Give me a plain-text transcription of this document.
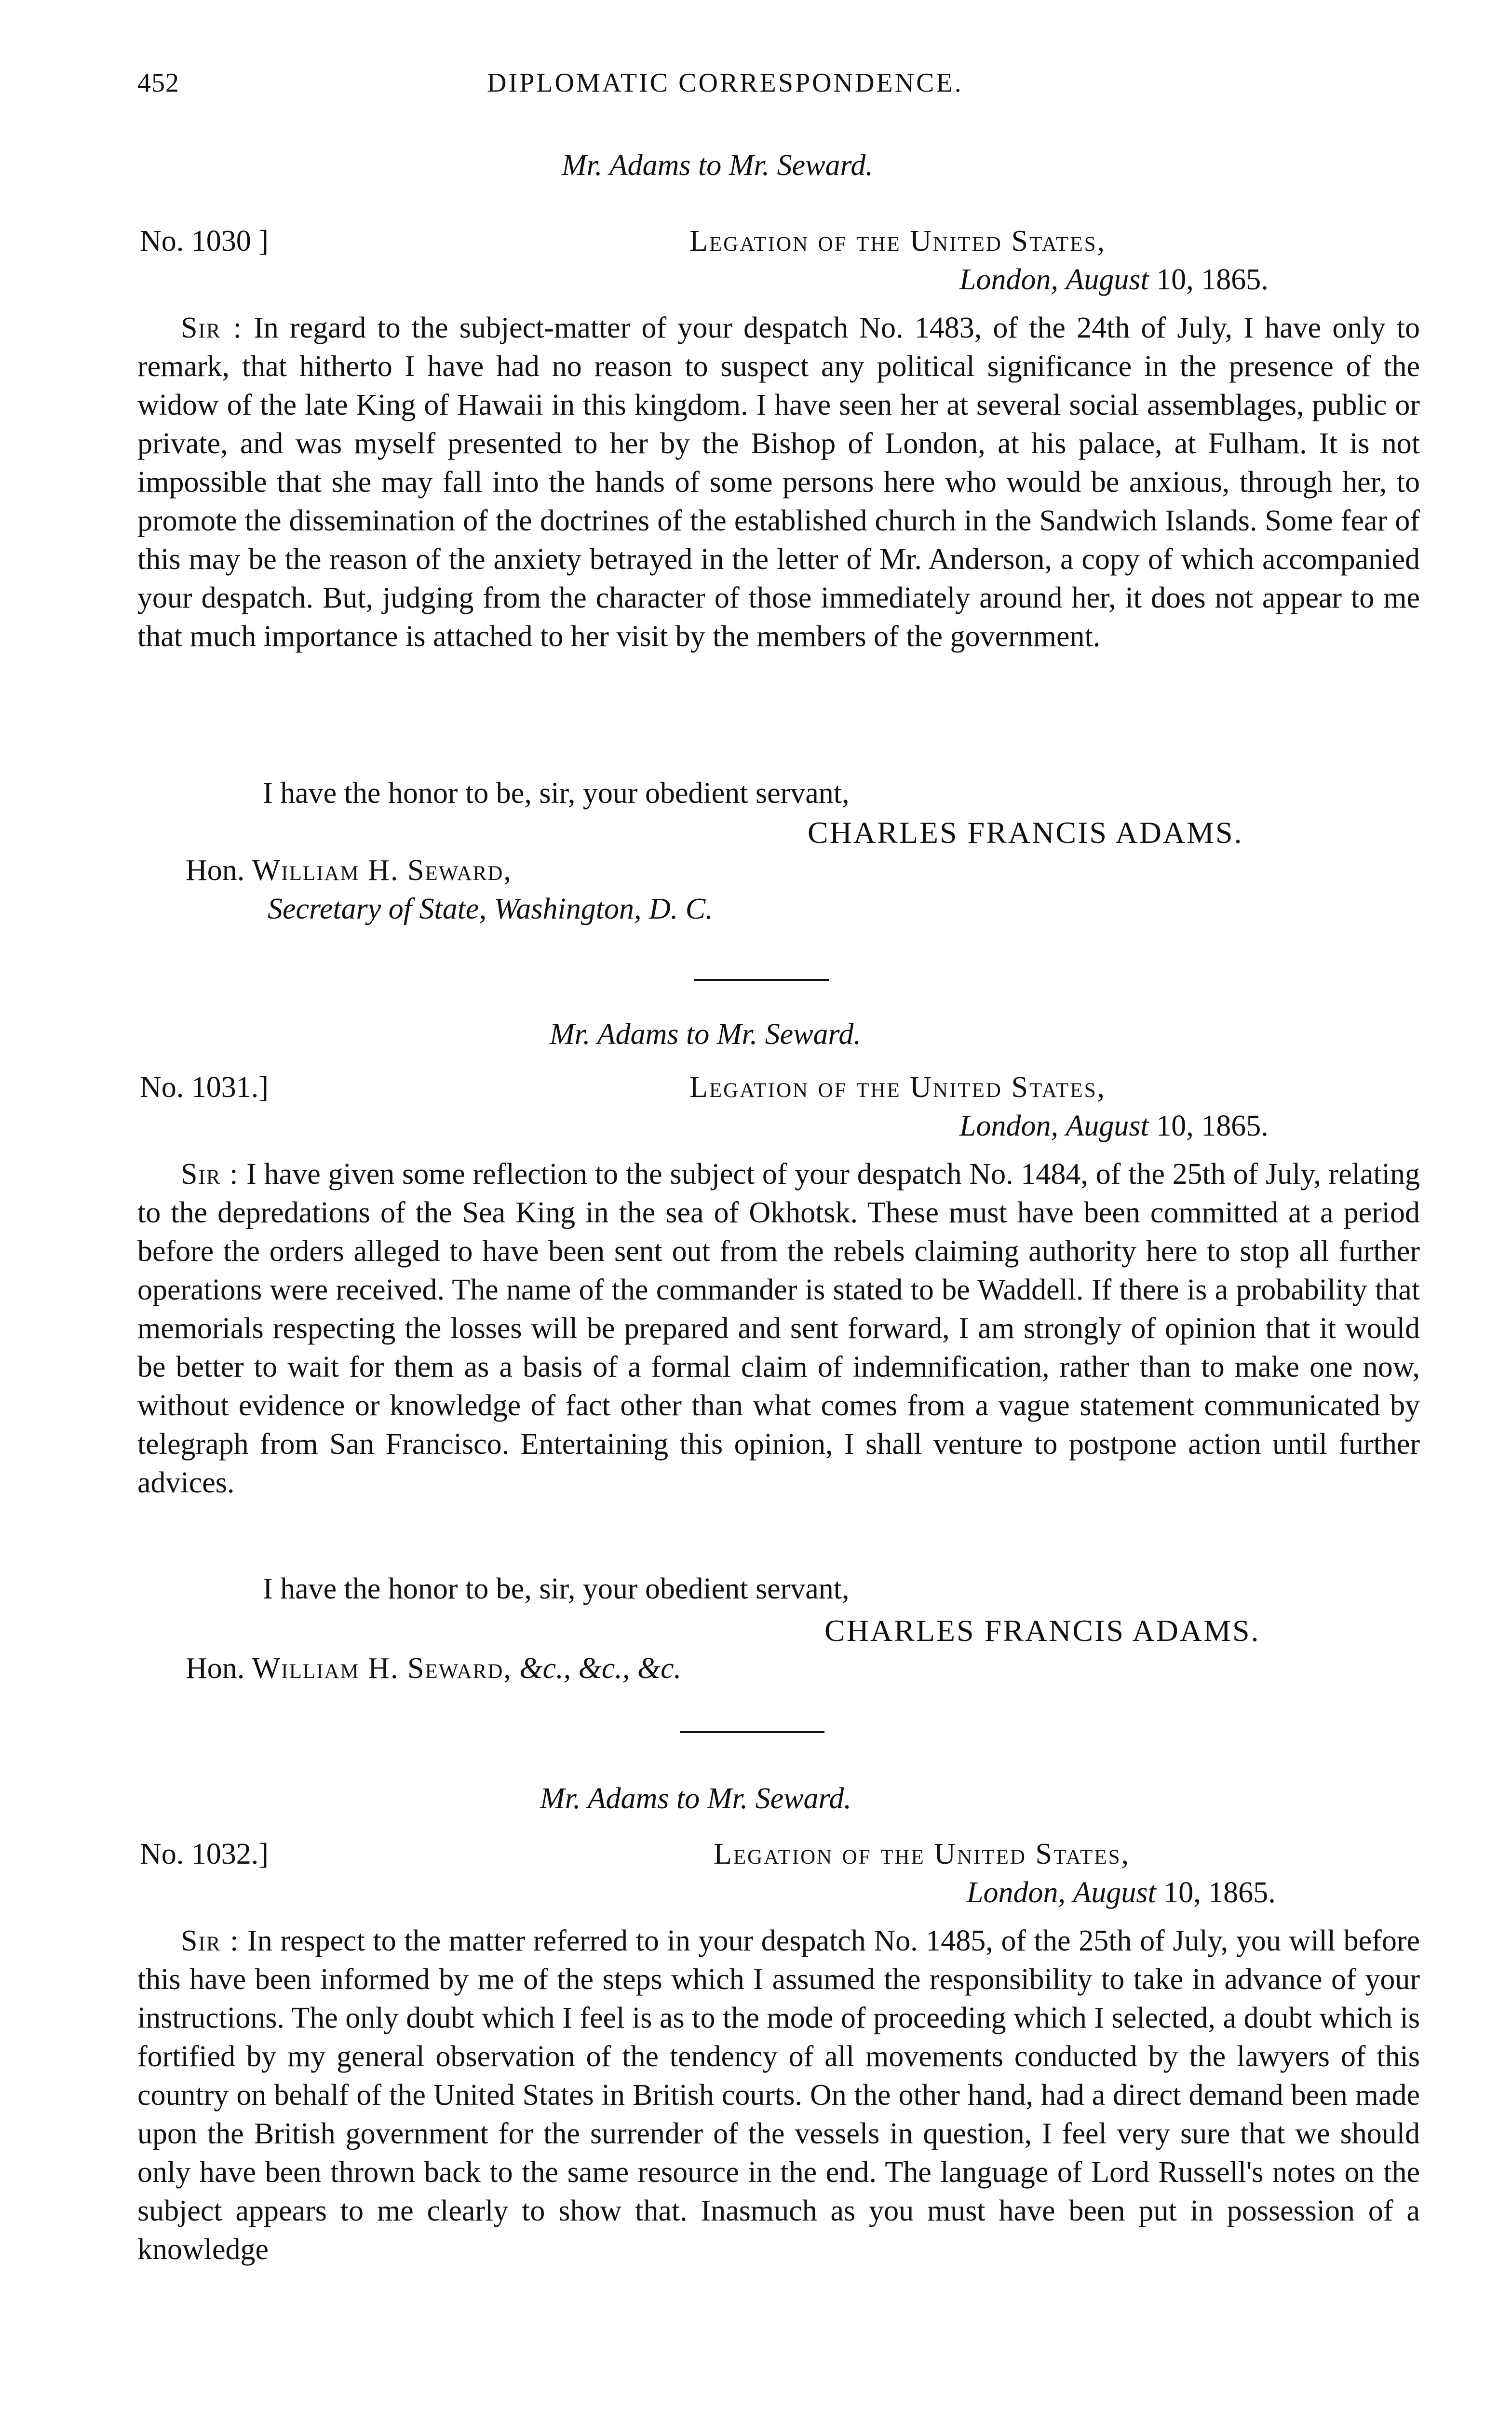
452	DIPLOMATIC CORRESPONDENCE.
Mr. Adams to Mr. Seward.
No. 1030 ]	Legation of the United States,
London, August 10, 1865.
Sir : In regard to the subject-matter of your despatch No. 1483, of the 24th of July, I have only to remark, that hitherto I have had no reason to suspect any political significance in the presence of the widow of the late King of Hawaii in this kingdom. I have seen her at several social assemblages, public or private, and was myself presented to her by the Bishop of London, at his palace, at Fulham. It is not impossible that she may fall into the hands of some persons here who would be anxious, through her, to promote the dissemination of the doctrines of the established church in the Sandwich Islands. Some fear of this may be the reason of the anxiety betrayed in the letter of Mr. Anderson, a copy of which accompanied your despatch. But, judging from the character of those immediately around her, it does not appear to me that much importance is attached to her visit by the members of the government.
I have the honor to be, sir, your obedient servant,
CHARLES FRANCIS ADAMS.
Hon. William H. Seward,
Secretary of State, Washington, D. C.
Mr. Adams to Mr. Seward.
No. 1031.]	Legation of the United States,
London, August 10, 1865.
Sir : I have given some reflection to the subject of your despatch No. 1484, of the 25th of July, relating to the depredations of the Sea King in the sea of Okhotsk. These must have been committed at a period before the orders alleged to have been sent out from the rebels claiming authority here to stop all further operations were received. The name of the commander is stated to be Waddell. If there is a probability that memorials respecting the losses will be prepared and sent forward, I am strongly of opinion that it would be better to wait for them as a basis of a formal claim of indemnification, rather than to make one now, without evidence or knowledge of fact other than what comes from a vague statement communicated by telegraph from San Francisco. Entertaining this opinion, I shall venture to postpone action until further advices.
I have the honor to be, sir, your obedient servant,
CHARLES FRANCIS ADAMS.
Hon. William H. Seward, &c., &c., &c.
Mr. Adams to Mr. Seward.
No. 1032.]	Legation of the United States,
London, August 10, 1865.
Sir : In respect to the matter referred to in your despatch No. 1485, of the 25th of July, you will before this have been informed by me of the steps which I assumed the responsibility to take in advance of your instructions. The only doubt which I feel is as to the mode of proceeding which I selected, a doubt which is fortified by my general observation of the tendency of all movements conducted by the lawyers of this country on behalf of the United States in British courts. On the other hand, had a direct demand been made upon the British government for the surrender of the vessels in question, I feel very sure that we should only have been thrown back to the same resource in the end. The language of Lord Russell's notes on the subject appears to me clearly to show that. Inasmuch as you must have been put in possession of a knowledge
